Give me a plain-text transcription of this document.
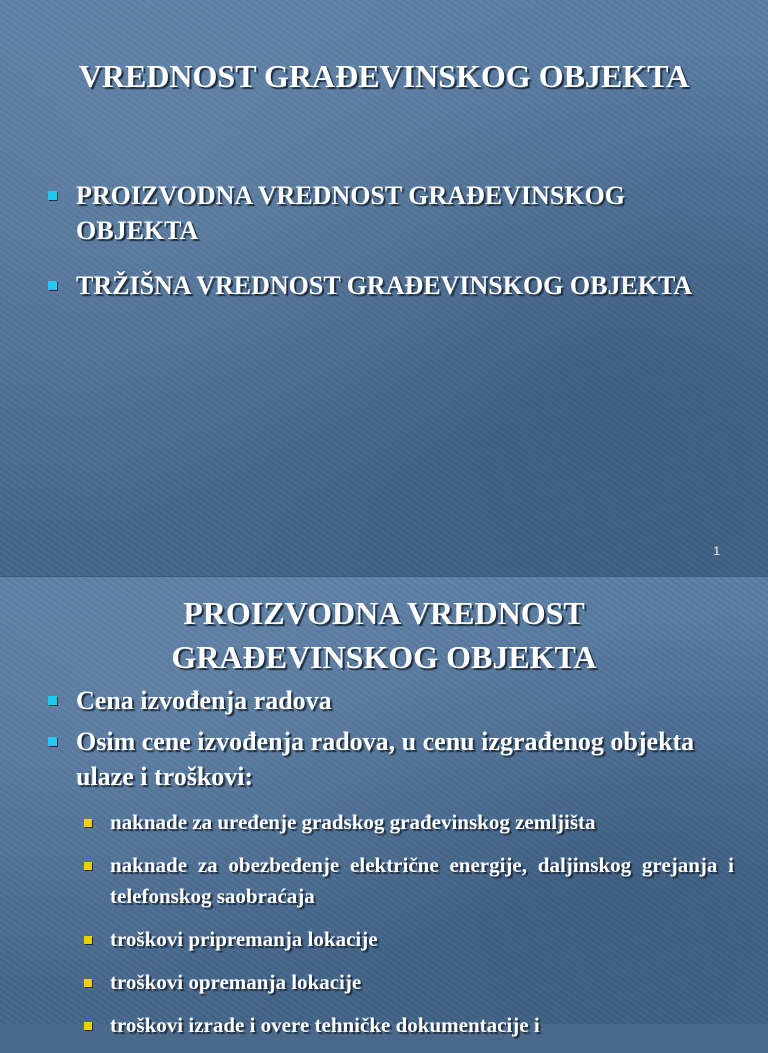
VREDNOST GRAĐEVINSKOG OBJEKTA
PROIZVODNA VREDNOST GRAĐEVINSKOG OBJEKTA
TRŽIŠNA VREDNOST GRAĐEVINSKOG OBJEKTA
1
PROIZVODNA VREDNOST
GRAĐEVINSKOG OBJEKTA
Cena izvođenja radova
Osim cene izvođenja radova, u cenu izgrađenog objekta ulaze i troškovi:
naknade za uređenje gradskog građevinskog zemljišta
naknade za obezbeđenje električne energije, daljinskog grejanja i telefonskog saobraćaja
troškovi pripremanja lokacije
troškovi opremanja lokacije
troškovi izrade i overe tehničke dokumentacije i
